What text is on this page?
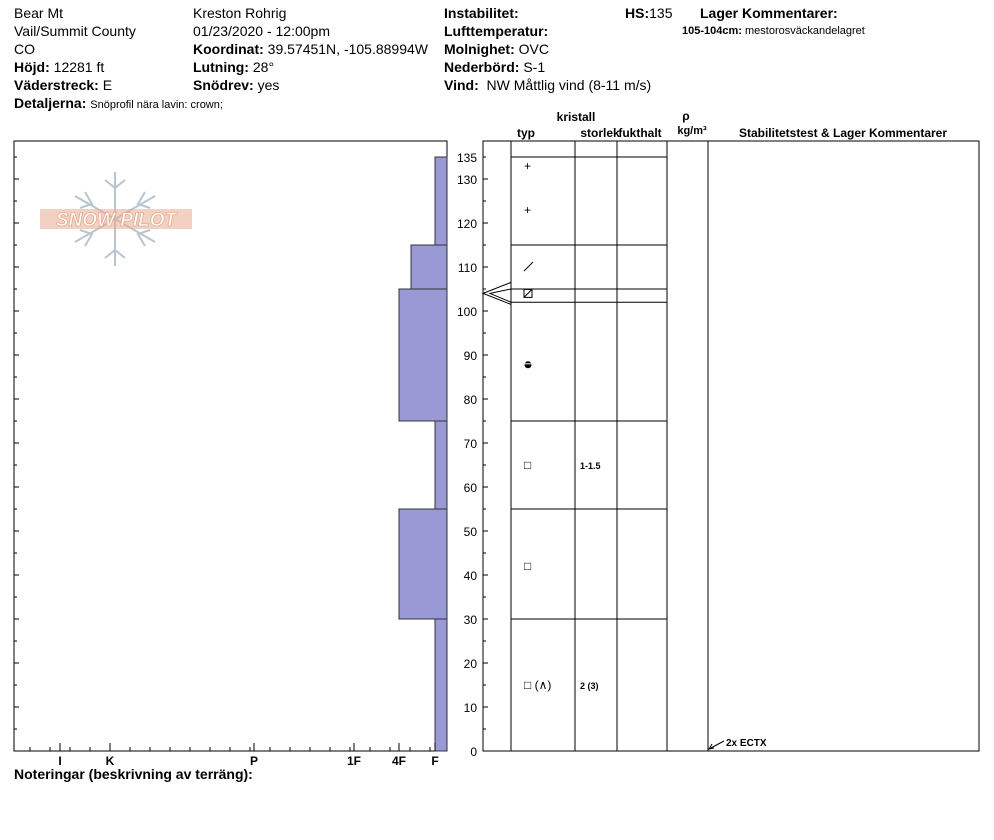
Bear Mt
Vail/Summit County
CO
Höjd: 12281 ft
Väderstreck: E
Detaljerna: Snöprofil nära lavin: crown;
Kreston Rohrig
01/23/2020 - 12:00pm
Koordinat: 39.57451N, -105.88994W
Lutning: 28°
Snödrev: yes
Instabilitet:
Lufttemperatur:
Molnighet: OVC
Nederbörd: S-1
Vind: NW Måttlig vind (8-11 m/s)
HS:135 Lager Kommentarer:
105-104cm: mestorosväckandelagret
SNOW PILOT
I	K	P	1F	4F F
0
10
20
30
40
50
60
70
80
90
100
110
120
130
135
+
+
□	1-1.5
□
□ (∧)	2 (3)
kristall
typ	storlek
fukthalt
ρ
kg/m³	Stabilitetstest & Lager Kommentarer
2x ECTX
Noteringar (beskrivning av terräng):
